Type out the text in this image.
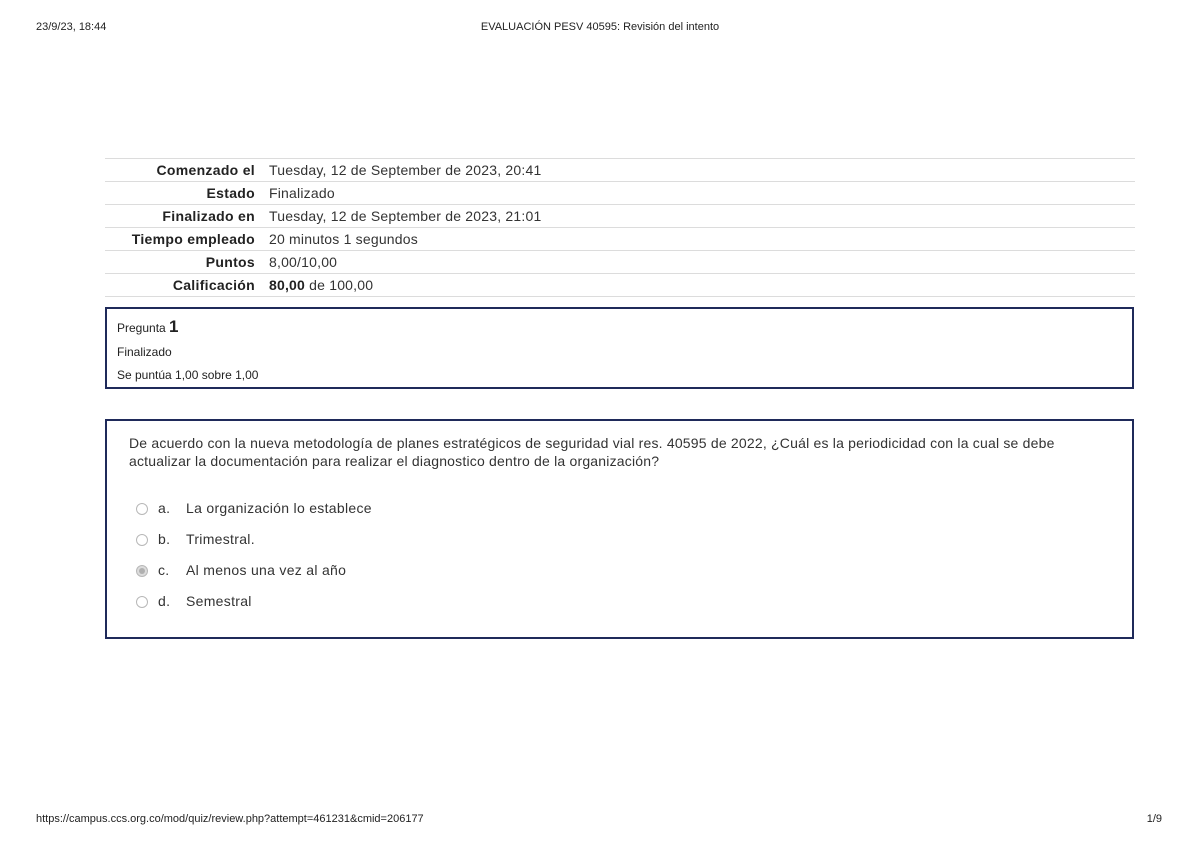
23/9/23, 18:44	EVALUACIÓN PESV 40595: Revisión del intento
Comenzado el	Tuesday, 12 de September de 2023, 20:41
Estado	Finalizado
Finalizado en	Tuesday, 12 de September de 2023, 21:01
Tiempo empleado	20 minutos 1 segundos
Puntos	8,00/10,00
Calificación	80,00 de 100,00
Pregunta 1
Finalizado
Se puntúa 1,00 sobre 1,00
De acuerdo con la nueva metodología de planes estratégicos de seguridad vial res. 40595 de 2022, ¿Cuál es la periodicidad con la cual se debe actualizar la documentación para realizar el diagnostico dentro de la organización?
a.	La organización lo establece
b.	Trimestral.
c.	Al menos una vez al año
d.	Semestral
https://campus.ccs.org.co/mod/quiz/review.php?attempt=461231&cmid=206177	1/9
